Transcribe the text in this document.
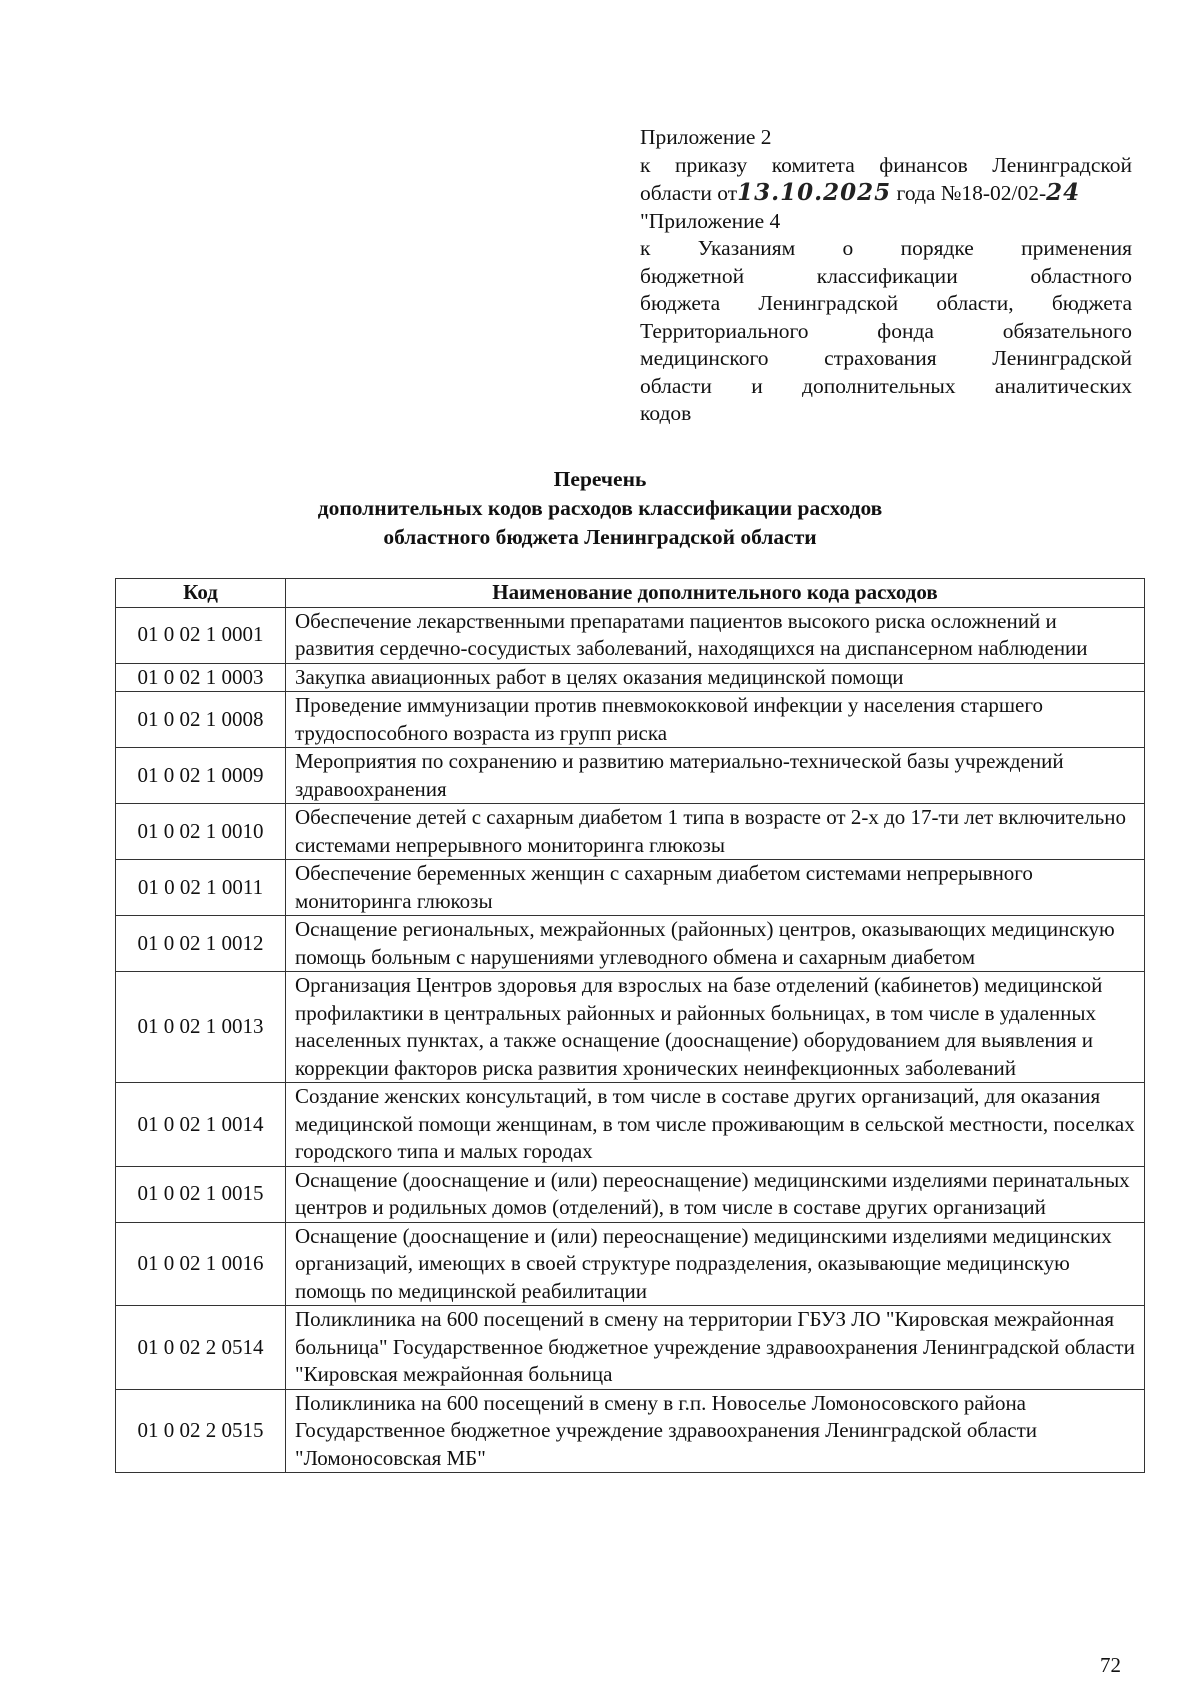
Приложение 2
к приказу комитета финансов Ленинградской
области от13.10.2025 года №18-02/02-24
"Приложение 4
к Указаниям о порядке применения
бюджетной классификации областного
бюджета Ленинградской области, бюджета
Территориального фонда обязательного
медицинского страхования Ленинградской
области и дополнительных аналитических
кодов
Перечень
дополнительных кодов расходов классификации расходов
областного бюджета Ленинградской области
Код	Наименование дополнительного кода расходов
01 0 02 1 0001	Обеспечение лекарственными препаратами пациентов высокого риска осложнений и развития сердечно-сосудистых заболеваний, находящихся на диспансерном наблюдении
01 0 02 1 0003	Закупка авиационных работ в целях оказания медицинской помощи
01 0 02 1 0008	Проведение иммунизации против пневмококковой инфекции у населения старшего трудоспособного возраста из групп риска
01 0 02 1 0009	Мероприятия по сохранению и развитию материально-технической базы учреждений здравоохранения
01 0 02 1 0010	Обеспечение детей с сахарным диабетом 1 типа в возрасте от 2-х до 17-ти лет включительно системами непрерывного мониторинга глюкозы
01 0 02 1 0011	Обеспечение беременных женщин с сахарным диабетом системами непрерывного мониторинга глюкозы
01 0 02 1 0012	Оснащение региональных, межрайонных (районных) центров, оказывающих медицинскую помощь больным с нарушениями углеводного обмена и сахарным диабетом
01 0 02 1 0013	Организация Центров здоровья для взрослых на базе отделений (кабинетов) медицинской профилактики в центральных районных и районных больницах, в том числе в удаленных населенных пунктах, а также оснащение (дооснащение) оборудованием для выявления и коррекции факторов риска развития хронических неинфекционных заболеваний
01 0 02 1 0014	Создание женских консультаций, в том числе в составе других организаций, для оказания медицинской помощи женщинам, в том числе проживающим в сельской местности, поселках городского типа и малых городах
01 0 02 1 0015	Оснащение (дооснащение и (или) переоснащение) медицинскими изделиями перинатальных центров и родильных домов (отделений), в том числе в составе других организаций
01 0 02 1 0016	Оснащение (дооснащение и (или) переоснащение) медицинскими изделиями медицинских организаций, имеющих в своей структуре подразделения, оказывающие медицинскую помощь по медицинской реабилитации
01 0 02 2 0514	Поликлиника на 600 посещений в смену на территории ГБУЗ ЛО "Кировская межрайонная больница" Государственное бюджетное учреждение здравоохранения Ленинградской области "Кировская межрайонная больница
01 0 02 2 0515	Поликлиника на 600 посещений в смену в г.п. Новоселье Ломоносовского района Государственное бюджетное учреждение здравоохранения Ленинградской области "Ломоносовская МБ"
72
